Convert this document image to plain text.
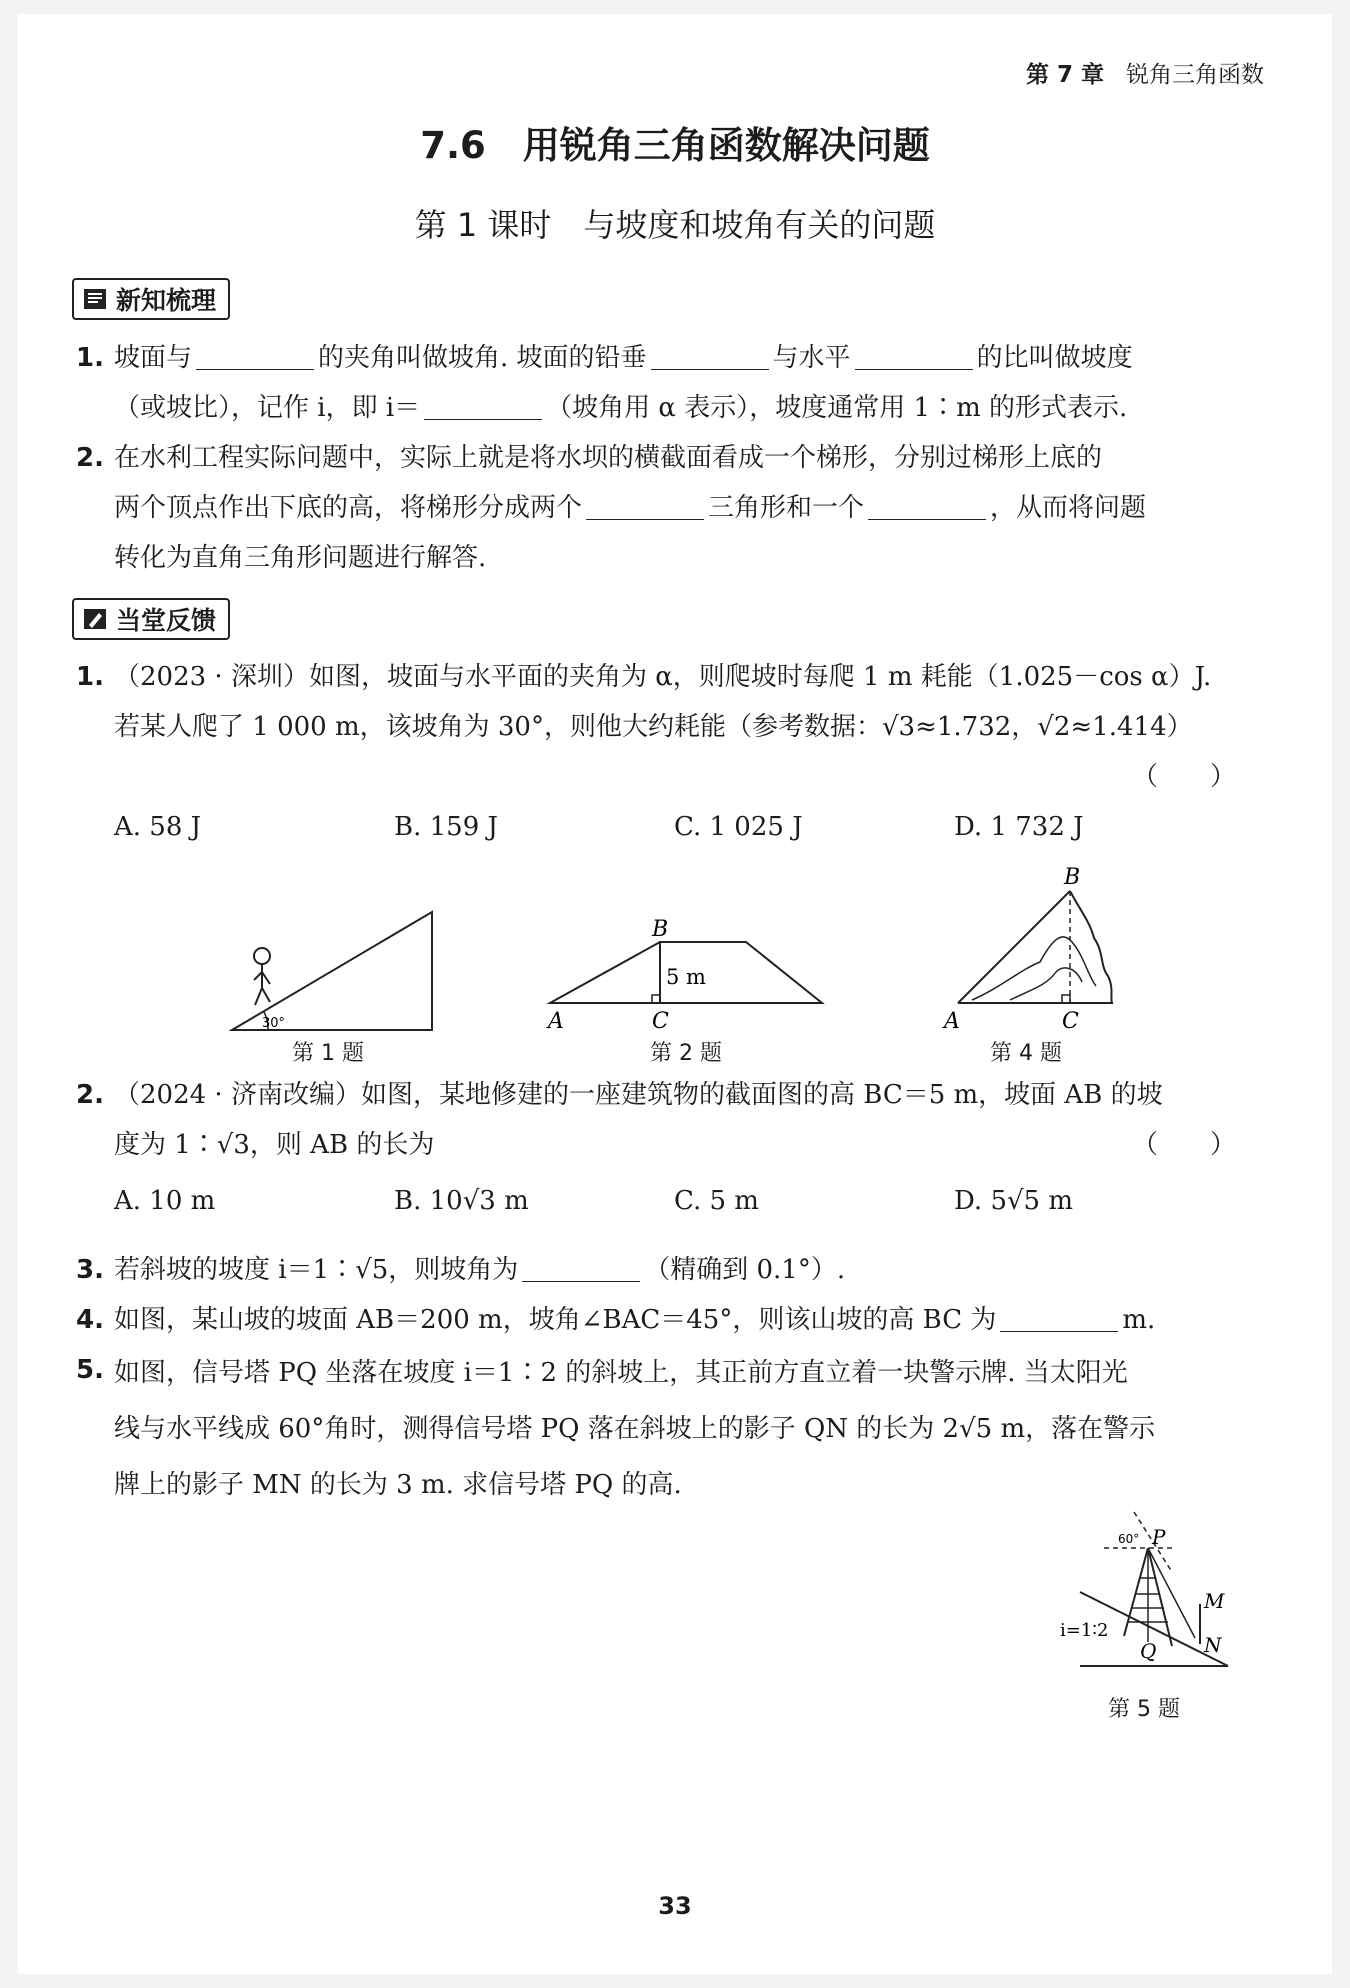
第 7 章 锐角三角函数
7.6　用锐角三角函数解决问题
第 1 课时　与坡度和坡角有关的问题
新知梳理
1. 坡面与	的夹角叫做坡角. 坡面的铅垂	与水平	的比叫做坡度
（或坡比），记作 i，即 i＝	（坡角用 α 表示），坡度通常用 1∶m 的形式表示.
2. 在水利工程实际问题中，实际上就是将水坝的横截面看成一个梯形，分别过梯形上底的
两个顶点作出下底的高，将梯形分成两个	三角形和一个	，从而将问题
转化为直角三角形问题进行解答.
当堂反馈
1. （2023 · 深圳）如图，坡面与水平面的夹角为 α，则爬坡时每爬 1 m 耗能（1.025－cos α）J.
若某人爬了 1 000 m，该坡角为 30°，则他大约耗能（参考数据：√3≈1.732，√2≈1.414）
（　　）
A. 58 J	B. 159 J	C. 1 025 J	D. 1 732 J
30°
B
A	C
5 m
B
A	C
第 1 题	第 2 题	第 4 题
2. （2024 · 济南改编）如图，某地修建的一座建筑物的截面图的高 BC＝5 m，坡面 AB 的坡
度为 1∶√3，则 AB 的长为	（　　）
A. 10 m	B. 10√3 m	C. 5 m	D. 5√5 m
3. 若斜坡的坡度 i＝1∶√5，则坡角为	（精确到 0.1°）.
4. 如图，某山坡的坡面 AB＝200 m，坡角∠BAC＝45°，则该山坡的高 BC 为	m.
5. 如图，信号塔 PQ 坐落在坡度 i＝1∶2 的斜坡上，其正前方直立着一块警示牌. 当太阳光
线与水平线成 60°角时，测得信号塔 PQ 落在斜坡上的影子 QN 的长为 2√5 m，落在警示
牌上的影子 MN 的长为 3 m. 求信号塔 PQ 的高.
60° P
M
N
Q
i=1∶2
第 5 题
33
